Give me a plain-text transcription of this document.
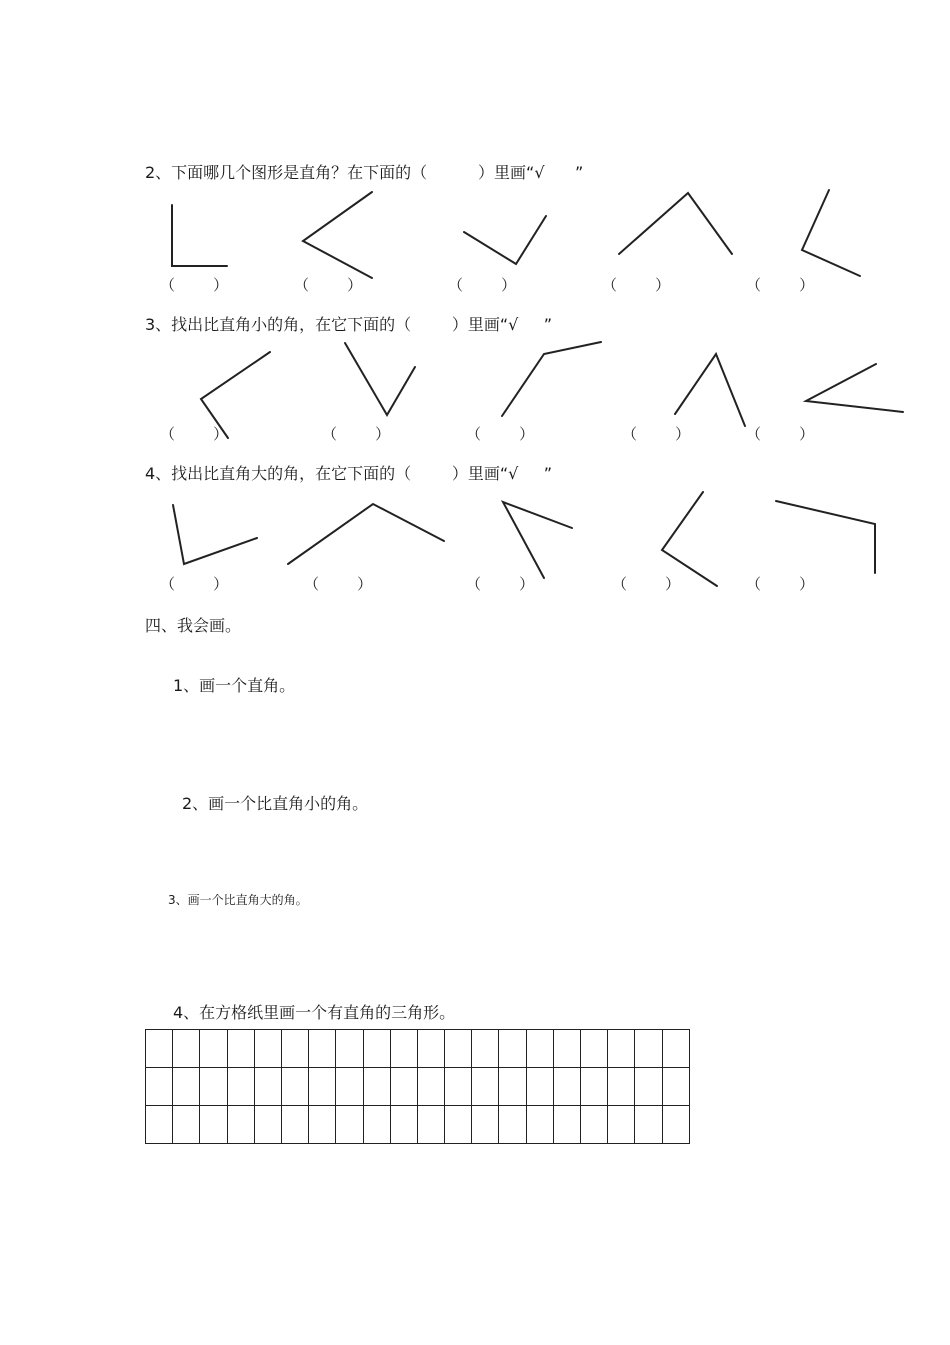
2、下面哪几个图形是直角？在下面的（          ）里画“√      ”
3、找出比直角小的角，在它下面的（        ）里画“√     ”
4、找出比直角大的角，在它下面的（        ）里画“√     ”
（        ）	（        ）	（        ）	（        ）	（        ）
（        ）	（        ）	（        ）	（        ）	（        ）
（        ）	（        ）	（        ）	（        ）	（        ）
四、我会画。
1、画一个直角。
2、画一个比直角小的角。
3、画一个比直角大的角。
4、在方格纸里画一个有直角的三角形。
